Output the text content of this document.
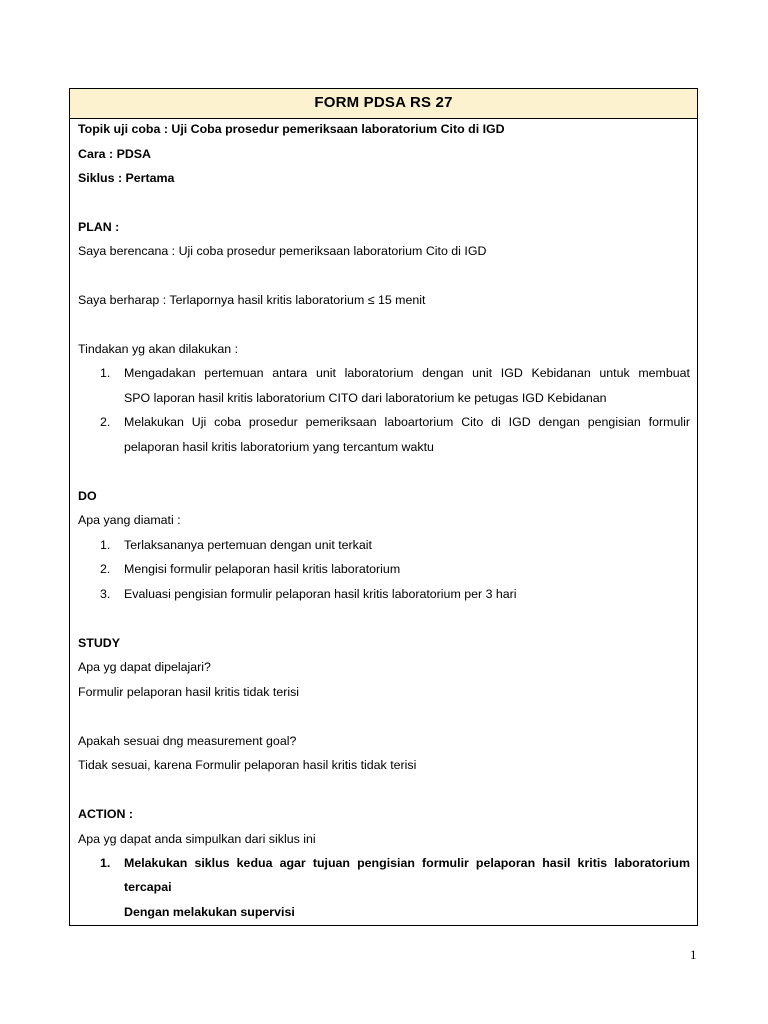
FORM PDSA RS 27
Topik uji coba : Uji Coba prosedur pemeriksaan laboratorium Cito di IGD
Cara : PDSA
Siklus : Pertama
PLAN :
Saya berencana : Uji coba prosedur pemeriksaan laboratorium Cito di IGD
Saya berharap : Terlapornya hasil kritis laboratorium ≤ 15 menit
Tindakan yg akan dilakukan :
1. Mengadakan pertemuan antara unit laboratorium dengan unit IGD Kebidanan untuk membuat
SPO laporan hasil kritis laboratorium CITO dari laboratorium ke petugas IGD Kebidanan
2. Melakukan Uji coba prosedur pemeriksaan laboartorium Cito di IGD dengan pengisian formulir
pelaporan hasil kritis laboratorium yang tercantum waktu
DO
Apa yang diamati :
1. Terlaksananya pertemuan dengan unit terkait
2. Mengisi formulir pelaporan hasil kritis laboratorium
3. Evaluasi pengisian formulir pelaporan hasil kritis laboratorium per 3 hari
STUDY
Apa yg dapat dipelajari?
Formulir pelaporan hasil kritis tidak terisi
Apakah sesuai dng measurement goal?
Tidak sesuai, karena Formulir pelaporan hasil kritis tidak terisi
ACTION :
Apa yg dapat anda simpulkan dari siklus ini
1. Melakukan siklus kedua agar tujuan pengisian formulir pelaporan hasil kritis laboratorium
tercapai
Dengan melakukan supervisi
1
